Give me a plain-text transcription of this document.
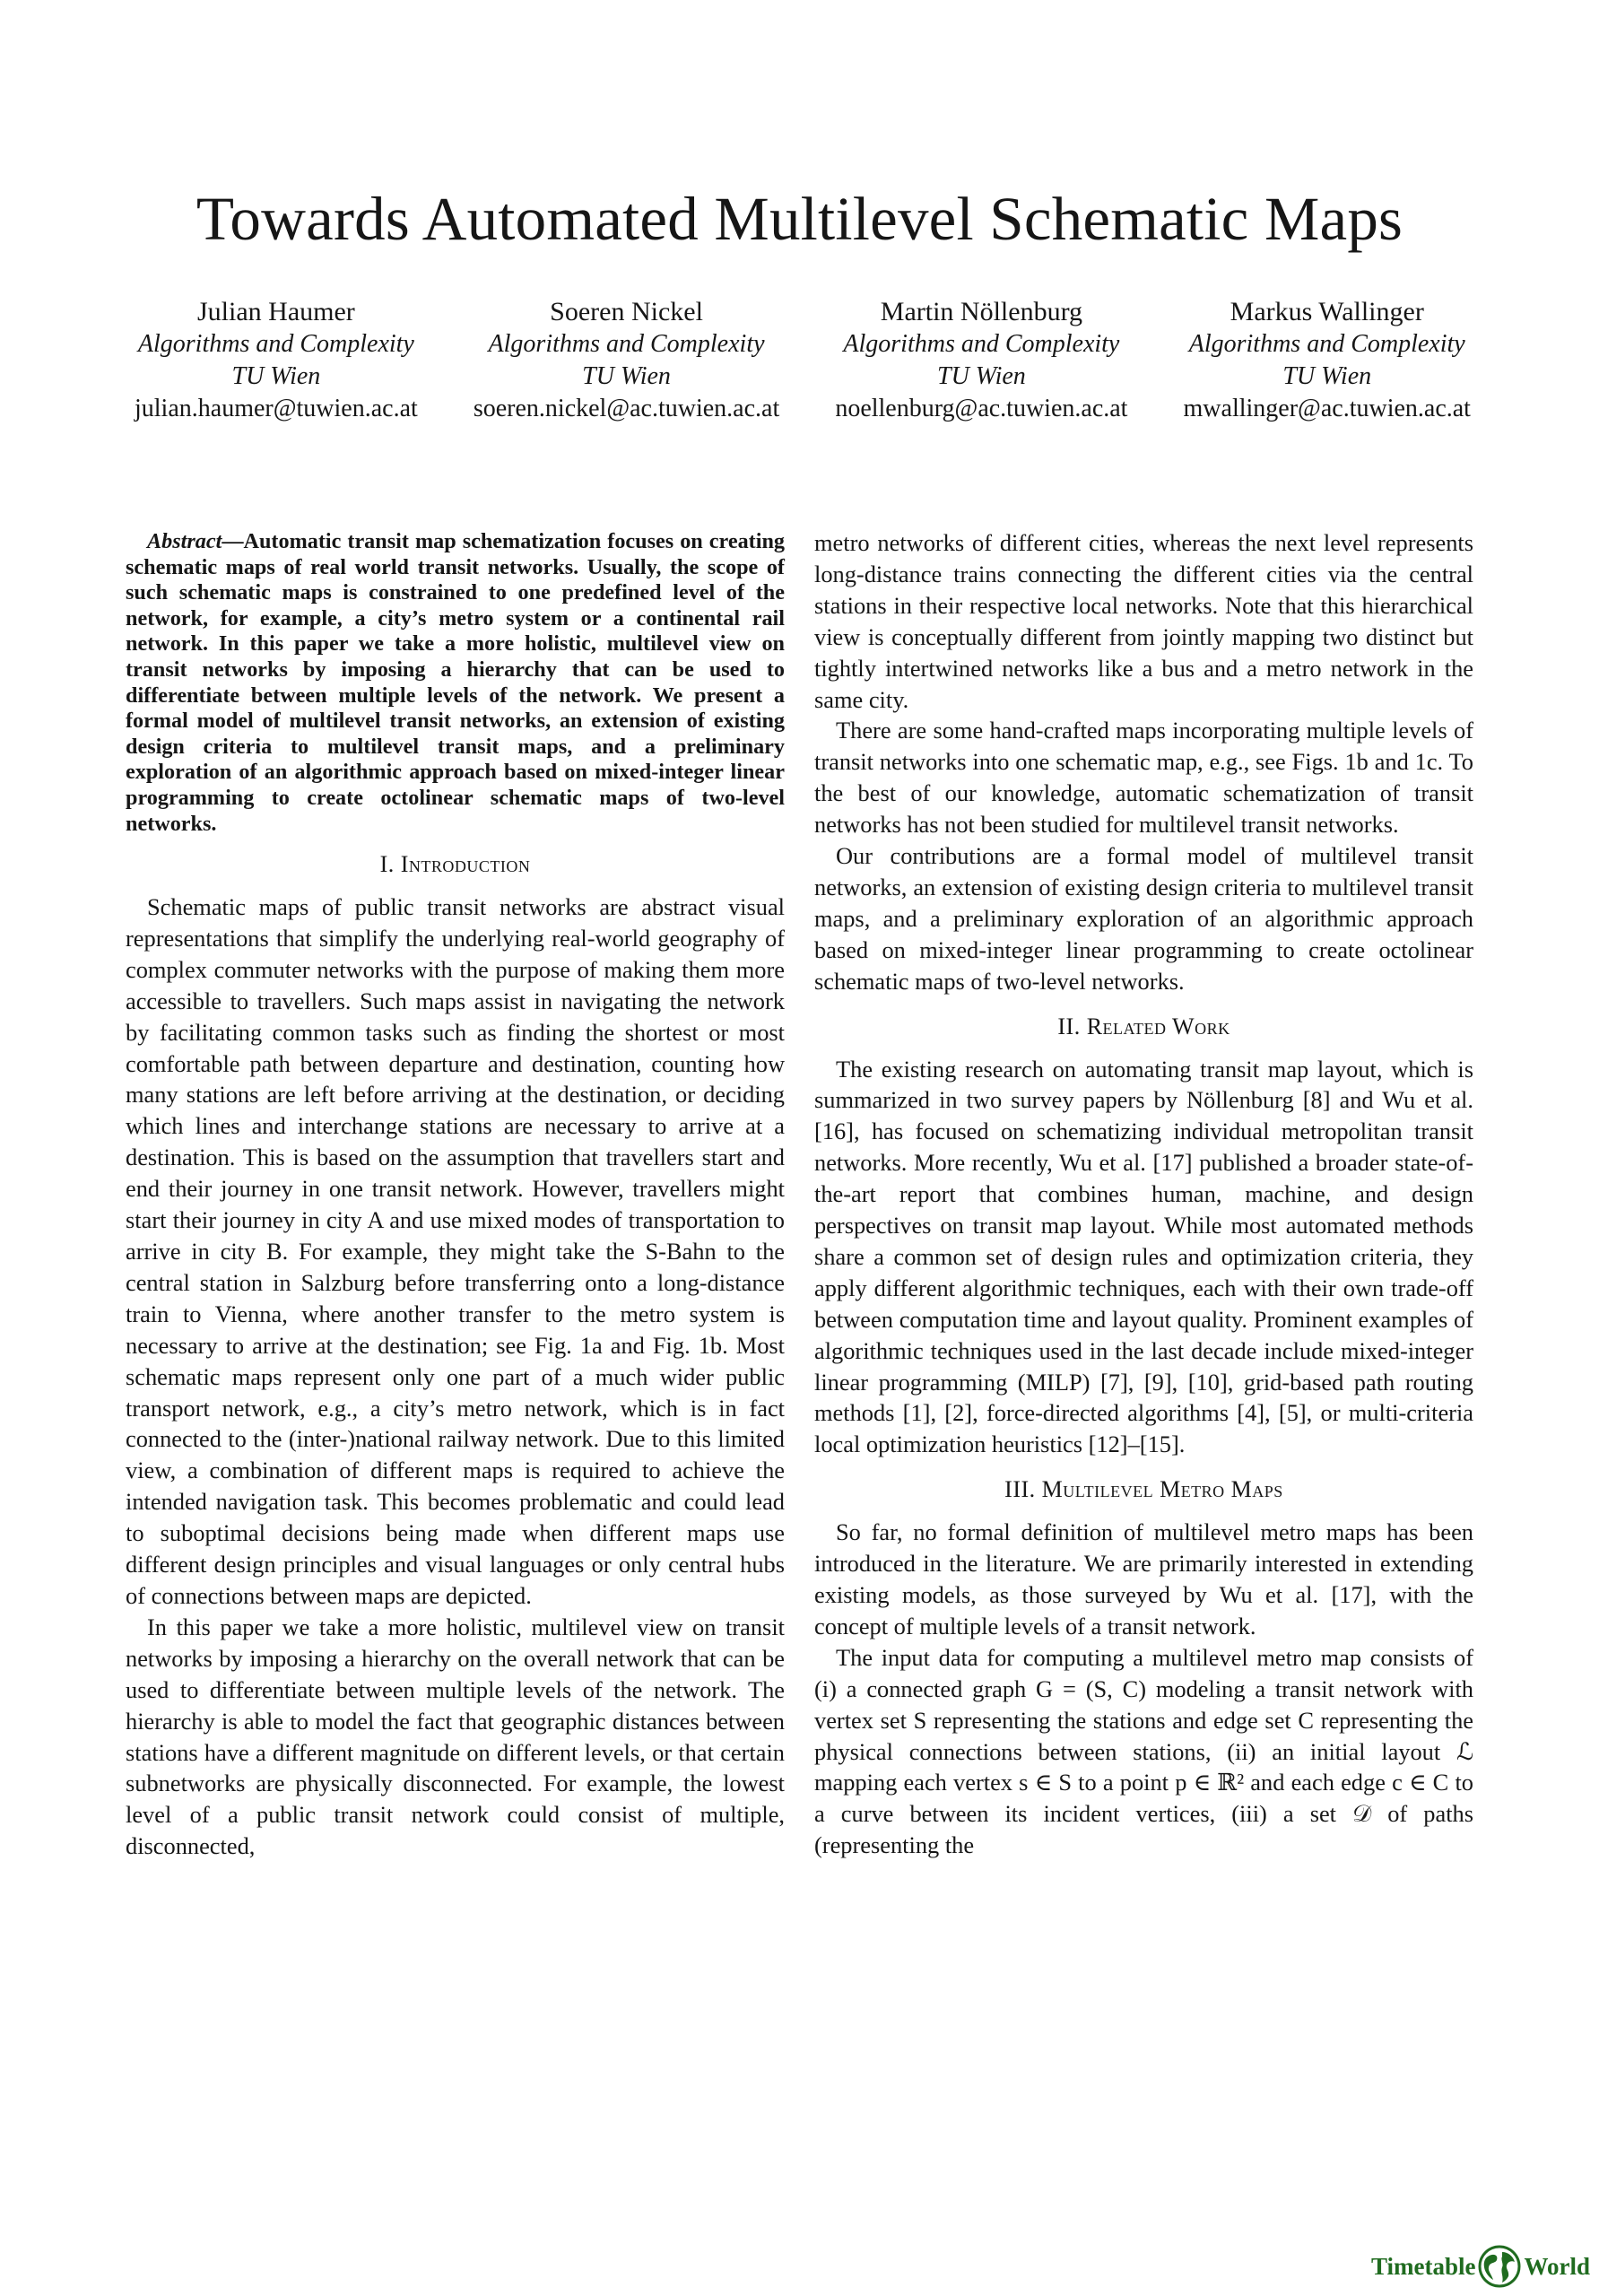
Towards Automated Multilevel Schematic Maps
Julian Haumer
Algorithms and Complexity
TU Wien
julian.haumer@tuwien.ac.at
Soeren Nickel
Algorithms and Complexity
TU Wien
soeren.nickel@ac.tuwien.ac.at
Martin Nöllenburg
Algorithms and Complexity
TU Wien
noellenburg@ac.tuwien.ac.at
Markus Wallinger
Algorithms and Complexity
TU Wien
mwallinger@ac.tuwien.ac.at

Abstract—Automatic transit map schematization focuses on creating schematic maps of real world transit networks. Usually, the scope of such schematic maps is constrained to one predefined level of the network, for example, a city’s metro system or a continental rail network. In this paper we take a more holistic, multilevel view on transit networks by imposing a hierarchy that can be used to differentiate between multiple levels of the network. We present a formal model of multilevel transit networks, an extension of existing design criteria to multilevel transit maps, and a preliminary exploration of an algorithmic approach based on mixed-integer linear programming to create octolinear schematic maps of two-level networks.

I. Introduction

Schematic maps of public transit networks are abstract visual representations that simplify the underlying real-world geography of complex commuter networks with the purpose of making them more accessible to travellers. Such maps assist in navigating the network by facilitating common tasks such as finding the shortest or most comfortable path between departure and destination, counting how many stations are left before arriving at the destination, or deciding which lines and interchange stations are necessary to arrive at a destination. This is based on the assumption that travellers start and end their journey in one transit network. However, travellers might start their journey in city A and use mixed modes of transportation to arrive in city B. For example, they might take the S-Bahn to the central station in Salzburg before transferring onto a long-distance train to Vienna, where another transfer to the metro system is necessary to arrive at the destination; see Fig. 1a and Fig. 1b. Most schematic maps represent only one part of a much wider public transport network, e.g., a city’s metro network, which is in fact connected to the (inter-)national railway network. Due to this limited view, a combination of different maps is required to achieve the intended navigation task. This becomes problematic and could lead to suboptimal decisions being made when different maps use different design principles and visual languages or only central hubs of connections between maps are depicted.

In this paper we take a more holistic, multilevel view on transit networks by imposing a hierarchy on the overall network that can be used to differentiate between multiple levels of the network. The hierarchy is able to model the fact that geographic distances between stations have a different magnitude on different levels, or that certain subnetworks are physically disconnected. For example, the lowest level of a public transit network could consist of multiple, disconnected,

metro networks of different cities, whereas the next level represents long-distance trains connecting the different cities via the central stations in their respective local networks. Note that this hierarchical view is conceptually different from jointly mapping two distinct but tightly intertwined networks like a bus and a metro network in the same city.

There are some hand-crafted maps incorporating multiple levels of transit networks into one schematic map, e.g., see Figs. 1b and 1c. To the best of our knowledge, automatic schematization of transit networks has not been studied for multilevel transit networks.

Our contributions are a formal model of multilevel transit networks, an extension of existing design criteria to multilevel transit maps, and a preliminary exploration of an algorithmic approach based on mixed-integer linear programming to create octolinear schematic maps of two-level networks.

II. Related Work

The existing research on automating transit map layout, which is summarized in two survey papers by Nöllenburg [8] and Wu et al. [16], has focused on schematizing individual metropolitan transit networks. More recently, Wu et al. [17] published a broader state-of-the-art report that combines human, machine, and design perspectives on transit map layout. While most automated methods share a common set of design rules and optimization criteria, they apply different algorithmic techniques, each with their own trade-off between computation time and layout quality. Prominent examples of algorithmic techniques used in the last decade include mixed-integer linear programming (MILP) [7], [9], [10], grid-based path routing methods [1], [2], force-directed algorithms [4], [5], or multi-criteria local optimization heuristics [12]–[15].

III. Multilevel Metro Maps

So far, no formal definition of multilevel metro maps has been introduced in the literature. We are primarily interested in extending existing models, as those surveyed by Wu et al. [17], with the concept of multiple levels of a transit network.

The input data for computing a multilevel metro map consists of (i) a connected graph G = (S, C) modeling a transit network with vertex set S representing the stations and edge set C representing the physical connections between stations, (ii) an initial layout ℒ mapping each vertex s ∈ S to a point p ∈ ℝ² and each edge c ∈ C to a curve between its incident vertices, (iii) a set 𝒟 of paths (representing the

Timetable World
